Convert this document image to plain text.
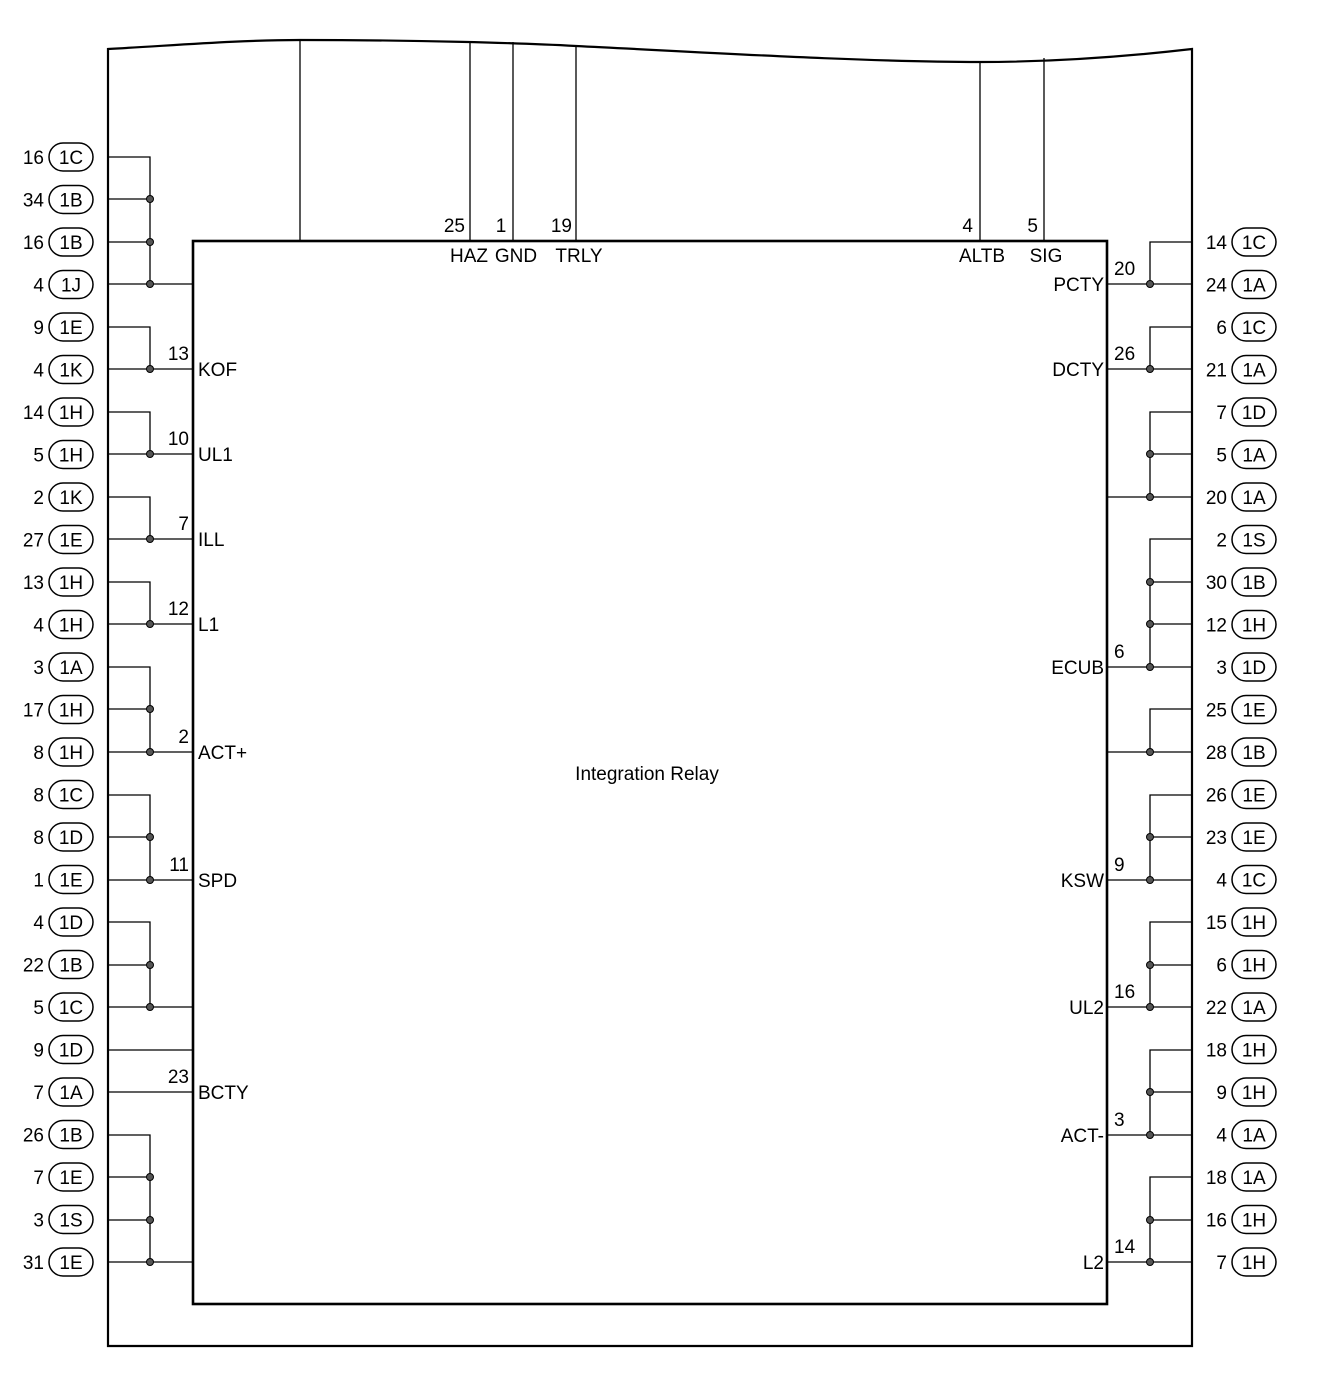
Integration Relay
25
HAZ
1
GND
19
TRLY
4
ALTB
5
SIG
13
KOF
10
UL1
7
ILL
12
L1
2
ACT+
11
SPD
23
BCTY
20
PCTY
26
DCTY
6
ECUB
9
KSW
16
UL2
3
ACT-
14
L2
16 1C
34 1B
16 1B
4 1J
9 1E
4 1K
14 1H
5 1H
2 1K
27 1E
13 1H
4 1H
3 1A
17 1H
8 1H
8 1C
8 1D
1 1E
4 1D
22 1B
5 1C
9 1D
7 1A
26 1B
7 1E
3 1S
31 1E
14 1C
24 1A
6 1C
21 1A
7 1D
5 1A
20 1A
2 1S
30 1B
12 1H
3 1D
25 1E
28 1B
26 1E
23 1E
4 1C
15 1H
6 1H
22 1A
18 1H
9 1H
4 1A
18 1A
16 1H
7 1H
